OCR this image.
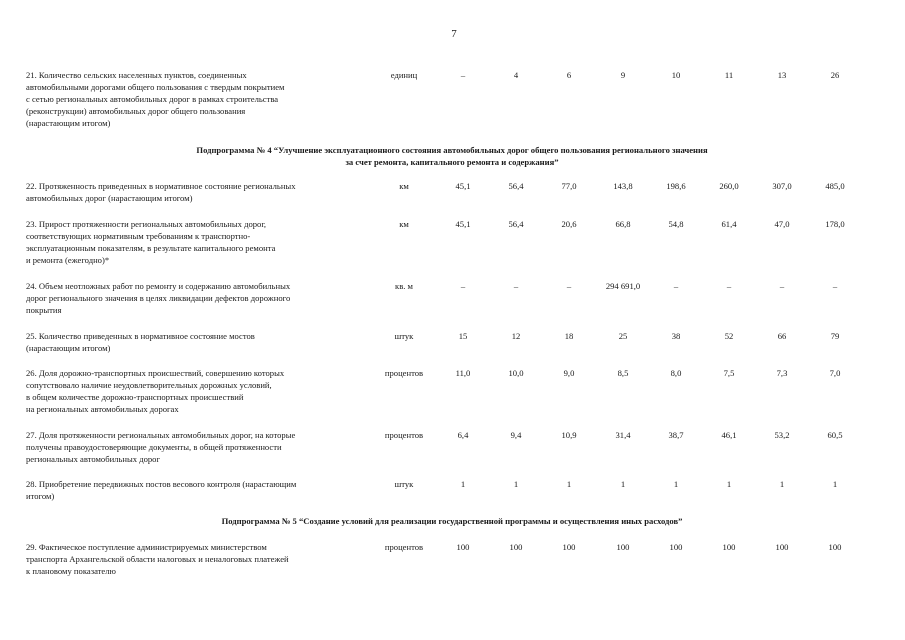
7
21. Количество сельских населенных пунктов, соединенных
автомобильными дорогами общего пользования с твердым покрытием
с сетью региональных автомобильных дорог в рамках строительства
(реконструкции) автомобильных дорог общего пользования
(нарастающим итогом)
единиц	–	4	6	9	10	11	13	26
Подпрограмма № 4 “Улучшение эксплуатационного состояния автомобильных дорог общего пользования регионального значения
за счет ремонта, капитального ремонта и содержания”
22. Протяженность приведенных в нормативное состояние региональных
автомобильных дорог (нарастающим итогом)
км	45,1	56,4	77,0	143,8	198,6	260,0	307,0	485,0
23. Прирост протяженности региональных автомобильных дорог,
соответствующих нормативным требованиям к транспортно-
эксплуатационным показателям, в результате капитального ремонта
и ремонта (ежегодно)*
км	45,1	56,4	20,6	66,8	54,8	61,4	47,0	178,0
24. Объем неотложных работ по ремонту и содержанию автомобильных
дорог регионального значения в целях ликвидации дефектов дорожного
покрытия
кв. м	–	–	–	294 691,0	–	–	–	–
25. Количество приведенных в нормативное состояние мостов
(нарастающим итогом)
штук	15	12	18	25	38	52	66	79
26. Доля дорожно-транспортных происшествий, совершению которых
сопутствовало наличие неудовлетворительных дорожных условий,
в общем количестве дорожно-транспортных происшествий
на региональных автомобильных дорогах
процентов	11,0	10,0	9,0	8,5	8,0	7,5	7,3	7,0
27. Доля протяженности региональных автомобильных дорог, на которые
получены правоудостоверяющие документы, в общей протяженности
региональных автомобильных дорог
процентов	6,4	9,4	10,9	31,4	38,7	46,1	53,2	60,5
28. Приобретение передвижных постов весового контроля (нарастающим
итогом)
штук	1	1	1	1	1	1	1	1
Подпрограмма № 5 “Создание условий для реализации государственной программы и осуществления иных расходов”
29. Фактическое поступление администрируемых министерством
транспорта Архангельской области налоговых и неналоговых платежей
к плановому показателю
процентов	100	100	100	100	100	100	100	100
